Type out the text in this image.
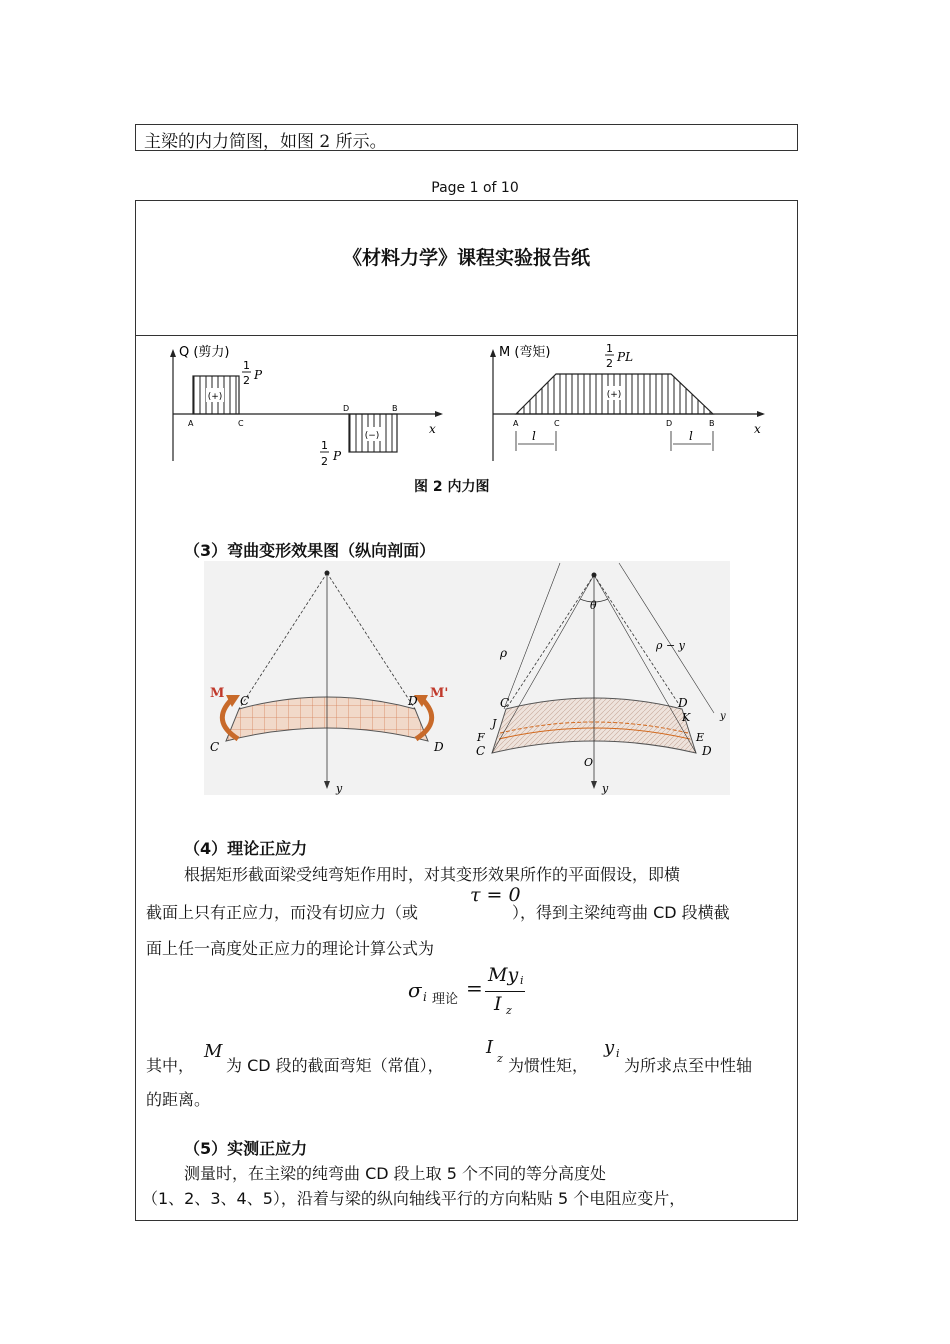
主梁的内力简图，如图 2 所示。
Page 1 of 10
《材料力学》课程实验报告纸
(+)
(−)
Q (剪力)
1
2 P
1
2 P
A	C
D	B
x
(+)
M (弯矩)	1
2 PL
A	C	D	B	x
l	l
图 2 内力图
（3）弯曲变形效果图（纵向剖面）
M	M'
C
C
D
D
y
θ
ρ
ρ − y
C
C
D
D
F	E
J	K
O
y
y
（4）理论正应力
根据矩形截面梁受纯弯矩作用时，对其变形效果所作的平面假设，即横
截面上只有正应力，而没有切应力（或
τ = 0
），得到主梁纯弯曲 CD 段横截
面上任一高度处正应力的理论计算公式为
σ i 理论 =
My i
I z
其中，
M
为 CD 段的截面弯矩（常值），
I
z 为惯性矩，
y i
为所求点至中性轴
的距离。
（5）实测正应力
测量时，在主梁的纯弯曲 CD 段上取 5 个不同的等分高度处
（1、2、3、4、5），沿着与梁的纵向轴线平行的方向粘贴 5 个电阻应变片，
